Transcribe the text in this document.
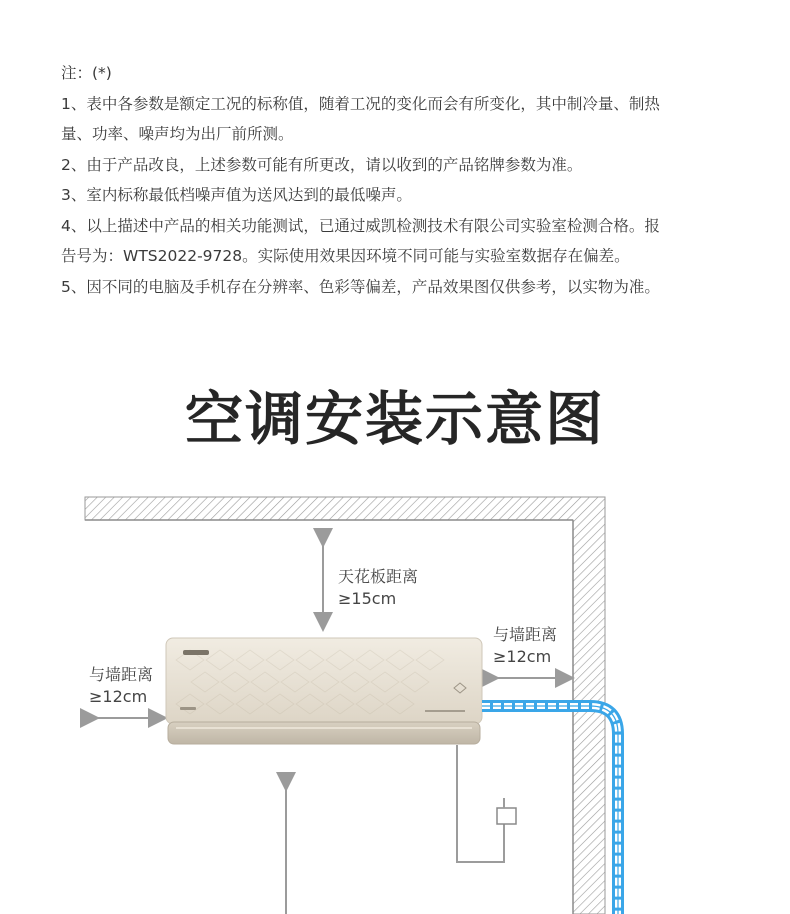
注：(*)

1、表中各参数是额定工况的标称值，随着工况的变化而会有所变化，其中制冷量、制热

量、功率、噪声均为出厂前所测。

2、由于产品改良，上述参数可能有所更改，请以收到的产品铭牌参数为准。

3、室内标称最低档噪声值为送风达到的最低噪声。

4、以上描述中产品的相关功能测试，已通过威凯检测技术有限公司实验室检测合格。报

告号为：WTS2022-9728。实际使用效果因环境不同可能与实验室数据存在偏差。

5、因不同的电脑及手机存在分辨率、色彩等偏差，产品效果图仅供参考，以实物为准。

空调安装示意图
天花板距离
≥15cm
与墙距离
≥12cm
与墙距离
≥12cm
